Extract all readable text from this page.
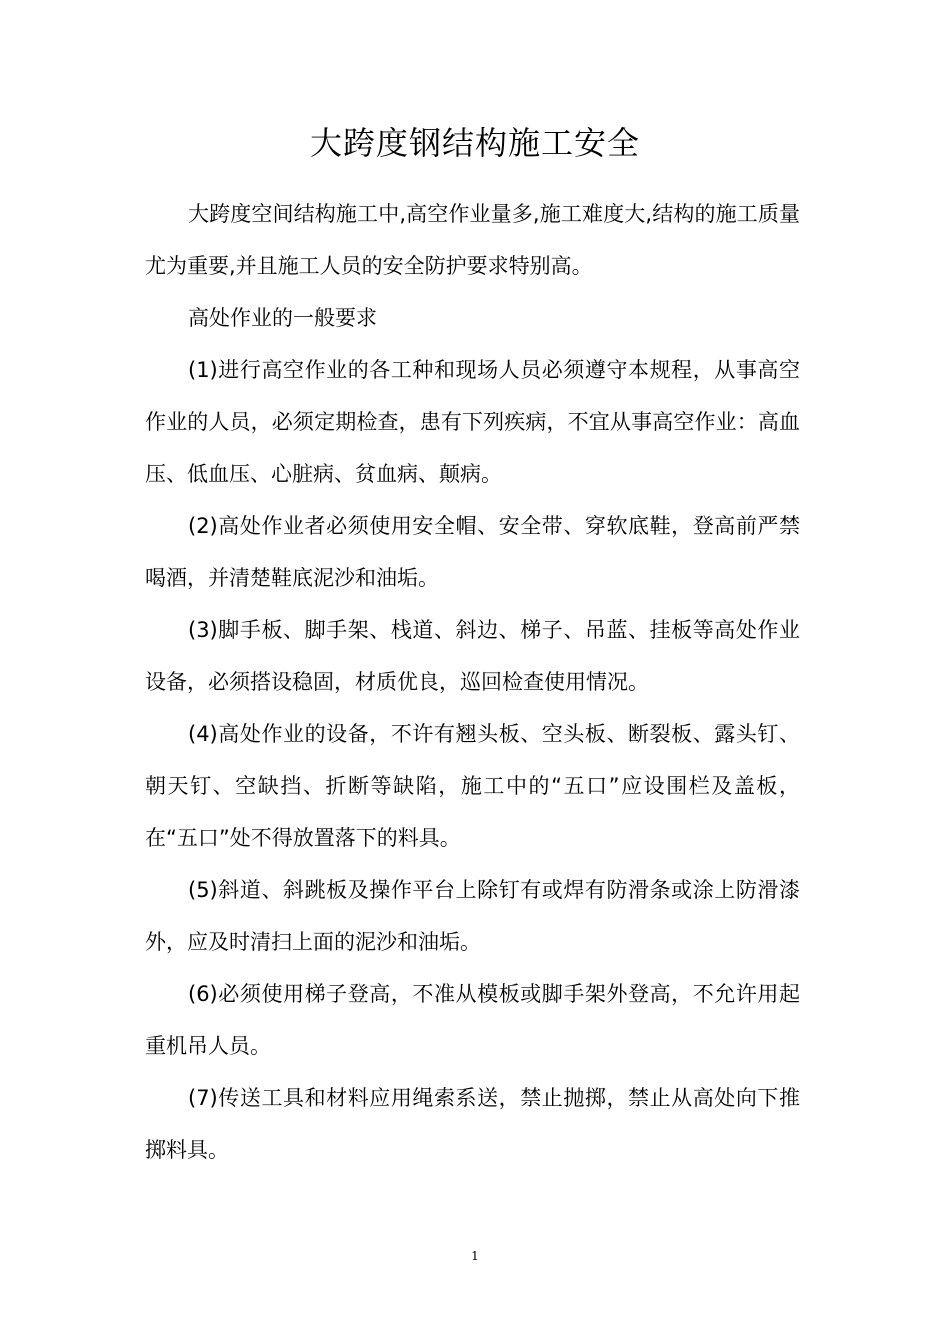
大跨度钢结构施工安全

大跨度空间结构施工中,高空作业量多,施工难度大,结构的施工质量尤为重要,并且施工人员的安全防护要求特别高。

高处作业的一般要求

(1)进行高空作业的各工种和现场人员必须遵守本规程，从事高空作业的人员，必须定期检查，患有下列疾病，不宜从事高空作业：高血压、低血压、心脏病、贫血病、颠病。

(2)高处作业者必须使用安全帽、安全带、穿软底鞋，登高前严禁喝酒，并清楚鞋底泥沙和油垢。

(3)脚手板、脚手架、栈道、斜边、梯子、吊蓝、挂板等高处作业设备，必须搭设稳固，材质优良，巡回检查使用情况。

(4)高处作业的设备，不许有翘头板、空头板、断裂板、露头钉、朝天钉、空缺挡、折断等缺陷，施工中的“五口”应设围栏及盖板，在“五口”处不得放置落下的料具。

(5)斜道、斜跳板及操作平台上除钉有或焊有防滑条或涂上防滑漆外，应及时清扫上面的泥沙和油垢。

(6)必须使用梯子登高，不准从模板或脚手架外登高，不允许用起重机吊人员。

(7)传送工具和材料应用绳索系送，禁止抛掷，禁止从高处向下推掷料具。

1
